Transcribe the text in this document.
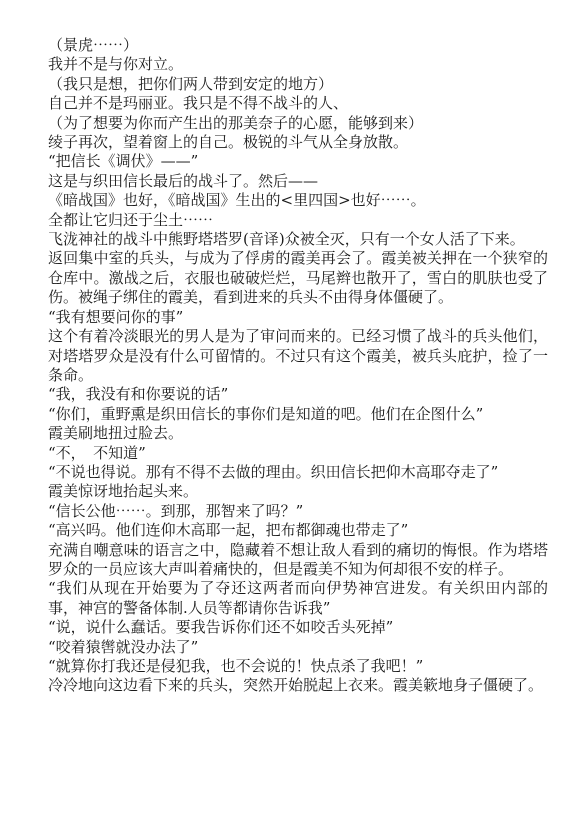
（景虎⋯⋯）

我并不是与你对立。

（我只是想，把你们两人带到安定的地方）

自己并不是玛丽亚。我只是不得不战斗的人、

（为了想要为你而产生出的那美奈子的心愿，能够到来）

绫子再次，望着窗上的自己。极锐的斗气从全身放散。

“把信长《调伏》——”

这是与织田信长最后的战斗了。然后——

《暗战国》也好，《暗战国》生出的<里四国>也好⋯⋯。

全都让它归还于尘土⋯⋯

飞泷神社的战斗中熊野塔塔罗(音译)众被全灭，只有一个女人活了下来。

返回集中室的兵头，与成为了俘虏的霞美再会了。霞美被关押在一个狭窄的仓库中。激战之后，衣服也破破烂烂，马尾辫也散开了，雪白的肌肤也受了伤。被绳子绑住的霞美，看到进来的兵头不由得身体僵硬了。

“我有想要问你的事”

这个有着冷淡眼光的男人是为了审问而来的。已经习惯了战斗的兵头他们，对塔塔罗众是没有什么可留情的。不过只有这个霞美，被兵头庇护，捡了一条命。

“我，我没有和你要说的话”

“你们，重野熏是织田信长的事你们是知道的吧。他们在企图什么”

霞美刷地扭过脸去。

“不，　不知道”

“不说也得说。那有不得不去做的理由。织田信长把仰木高耶夺走了”

霞美惊讶地抬起头来。

“信长公他⋯⋯。到那，那智来了吗？”

“高兴吗。他们连仰木高耶一起，把布都御魂也带走了”

充满自嘲意味的语言之中，隐藏着不想让敌人看到的痛切的悔恨。作为塔塔罗众的一员应该大声叫着痛快的，但是霞美不知为何却很不安的样子。

“我们从现在开始要为了夺还这两者而向伊势神宫进发。有关织田内部的事，神宫的警备体制.人员等都请你告诉我”

“说，说什么蠢话。要我告诉你们还不如咬舌头死掉”

“咬着猿辔就没办法了”

“就算你打我还是侵犯我，也不会说的！快点杀了我吧！”

冷冷地向这边看下来的兵头，突然开始脱起上衣来。霞美簌地身子僵硬了。
